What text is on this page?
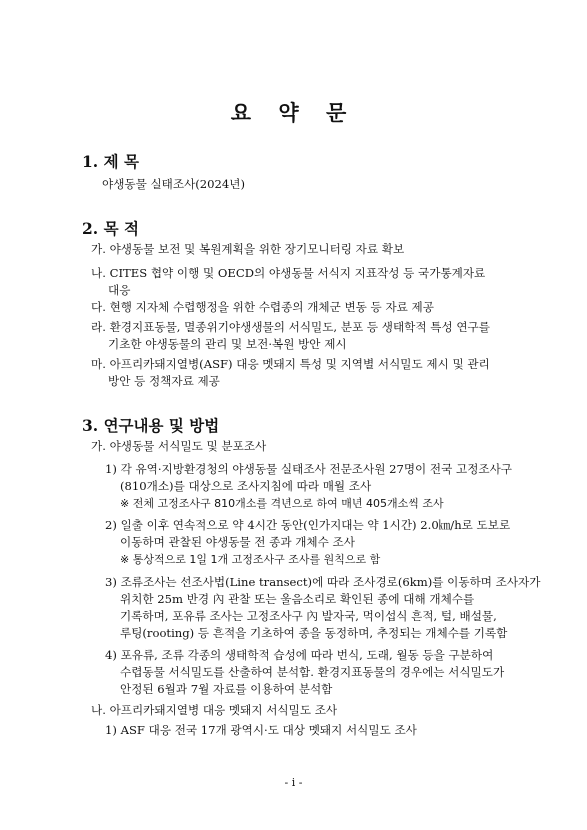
요 약 문
1. 제 목
야생동물 실태조사(2024년)
2. 목 적
가. 야생동물 보전 및 복원계획을 위한 장기모니터링 자료 확보
나. CITES 협약 이행 및 OECD의 야생동물 서식지 지표작성 등 국가통계자료
대응
다. 현행 지자체 수렵행정을 위한 수렵종의 개체군 변동 등 자료 제공
라. 환경지표동물, 멸종위기야생생물의 서식밀도, 분포 등 생태학적 특성 연구를
기초한 야생동물의 관리 및 보전·복원 방안 제시
마. 아프리카돼지열병(ASF) 대응 멧돼지 특성 및 지역별 서식밀도 제시 및 관리
방안 등 정책자료 제공
3. 연구내용 및 방법
가. 야생동물 서식밀도 및 분포조사
1) 각 유역·지방환경청의 야생동물 실태조사 전문조사원 27명이 전국 고정조사구
(810개소)를 대상으로 조사지침에 따라 매월 조사
※ 전체 고정조사구 810개소를 격년으로 하여 매년 405개소씩 조사
2) 일출 이후 연속적으로 약 4시간 동안(인가지대는 약 1시간) 2.0㎞/h로 도보로
이동하며 관찰된 야생동물 전 종과 개체수 조사
※ 통상적으로 1일 1개 고정조사구 조사를 원칙으로 함
3) 조류조사는 선조사법(Line transect)에 따라 조사경로(6km)를 이동하며 조사자가
위치한 25m 반경 內 관찰 또는 울음소리로 확인된 종에 대해 개체수를
기록하며, 포유류 조사는 고정조사구 內 발자국, 먹이섭식 흔적, 털, 배설물,
루팅(rooting) 등 흔적을 기초하여 종을 동정하며, 추정되는 개체수를 기록함
4) 포유류, 조류 각종의 생태학적 습성에 따라 번식, 도래, 월동 등을 구분하여
수렵동물 서식밀도를 산출하여 분석함. 환경지표동물의 경우에는 서식밀도가
안정된 6월과 7월 자료를 이용하여 분석함
나. 아프리카돼지열병 대응 멧돼지 서식밀도 조사
1) ASF 대응 전국 17개 광역시·도 대상 멧돼지 서식밀도 조사
- i -
